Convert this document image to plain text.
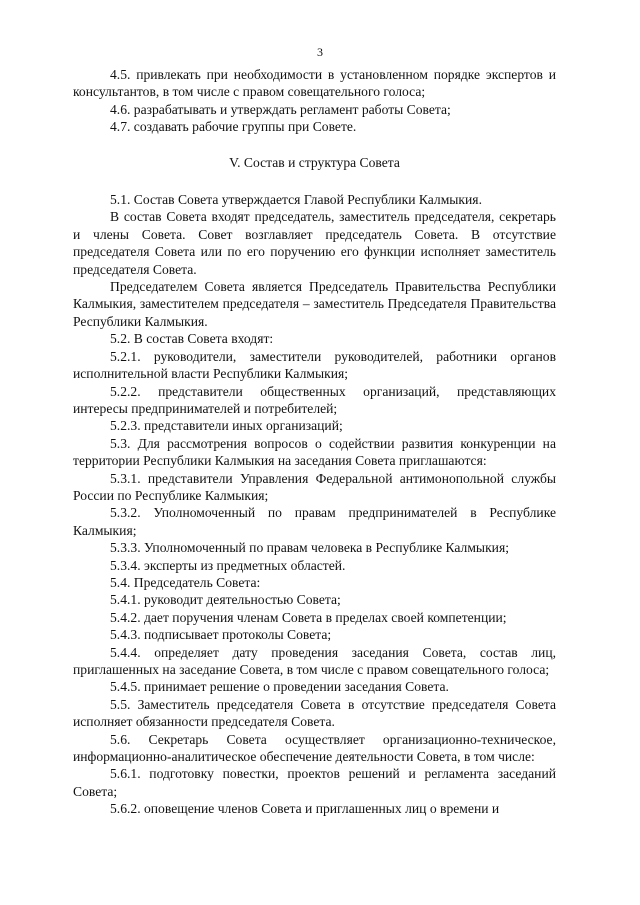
3

4.5. привлекать при необходимости в установленном порядке экспертов и консультантов, в том числе с правом совещательного голоса;

4.6. разрабатывать и утверждать регламент работы Совета;

4.7. создавать рабочие группы при Совете.

V. Состав и структура Совета

5.1. Состав Совета утверждается Главой Республики Калмыкия.

В состав Совета входят председатель, заместитель председателя, секретарь и члены Совета. Совет возглавляет председатель Совета. В отсутствие председателя Совета или по его поручению его функции исполняет заместитель председателя Совета.

Председателем Совета является Председатель Правительства Республики Калмыкия, заместителем председателя – заместитель Председателя Правительства Республики Калмыкия.

5.2. В состав Совета входят:

5.2.1. руководители, заместители руководителей, работники органов исполнительной власти Республики Калмыкия;

5.2.2. представители общественных организаций, представляющих интересы предпринимателей и потребителей;

5.2.3. представители иных организаций;

5.3. Для рассмотрения вопросов о содействии развития конкуренции на территории Республики Калмыкия на заседания Совета приглашаются:

5.3.1. представители Управления Федеральной антимонопольной службы России по Республике Калмыкия;

5.3.2. Уполномоченный по правам предпринимателей в Республике Калмыкия;

5.3.3. Уполномоченный по правам человека в Республике Калмыкия;

5.3.4. эксперты из предметных областей.

5.4. Председатель Совета:

5.4.1. руководит деятельностью Совета;

5.4.2. дает поручения членам Совета в пределах своей компетенции;

5.4.3. подписывает протоколы Совета;

5.4.4. определяет дату проведения заседания Совета, состав лиц, приглашенных на заседание Совета, в том числе с правом совещательного голоса;

5.4.5. принимает решение о проведении заседания Совета.

5.5. Заместитель председателя Совета в отсутствие председателя Совета исполняет обязанности председателя Совета.

5.6. Секретарь Совета осуществляет организационно-техническое, информационно-аналитическое обеспечение деятельности Совета, в том числе:

5.6.1. подготовку повестки, проектов решений и регламента заседаний Совета;

5.6.2. оповещение членов Совета и приглашенных лиц о времени и
